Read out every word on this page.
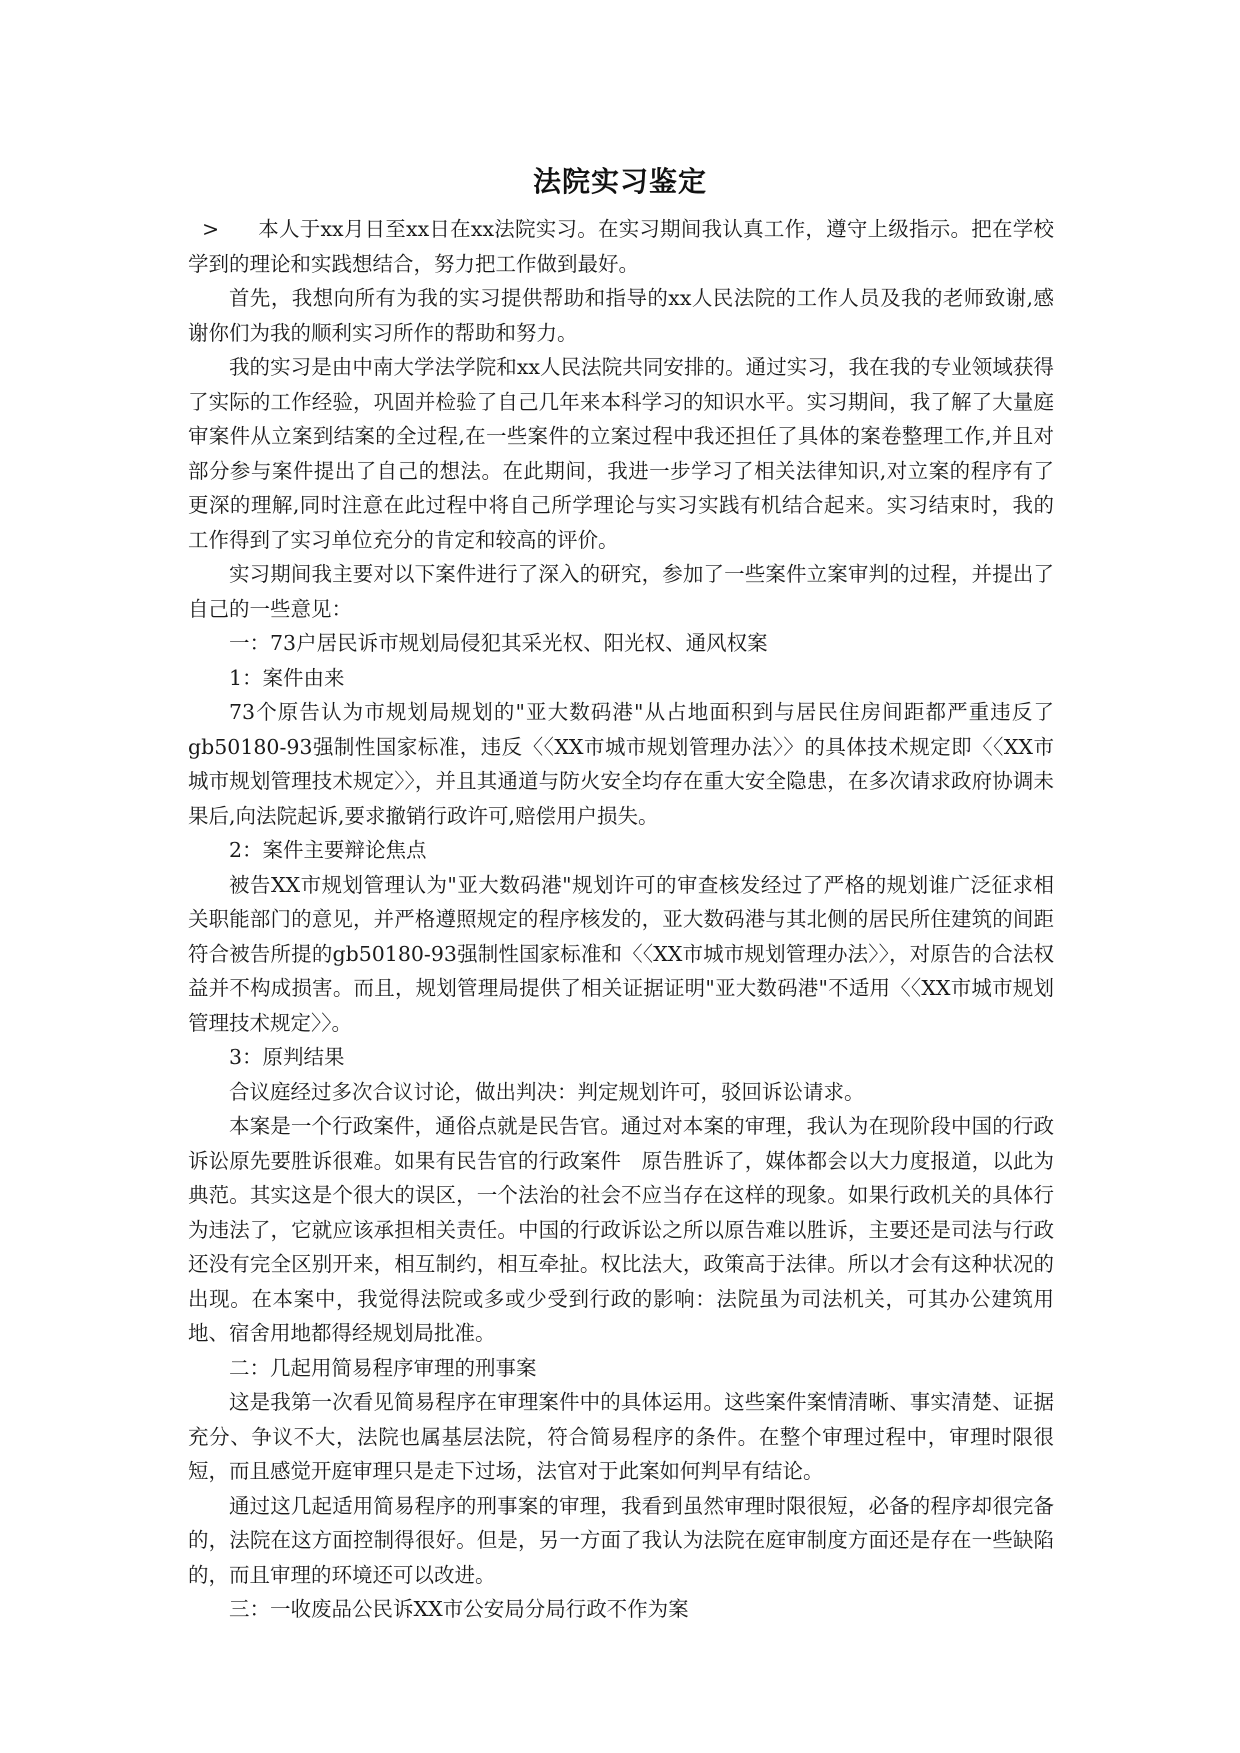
法院实习鉴定

> 本人于xx月日至xx日在xx法院实习。在实习期间我认真工作，遵守上级指示。把在学校学到的理论和实践想结合，努力把工作做到最好。

首先，我想向所有为我的实习提供帮助和指导的xx人民法院的工作人员及我的老师致谢,感谢你们为我的顺利实习所作的帮助和努力。

我的实习是由中南大学法学院和xx人民法院共同安排的。通过实习，我在我的专业领域获得了实际的工作经验，巩固并检验了自己几年来本科学习的知识水平。实习期间，我了解了大量庭审案件从立案到结案的全过程,在一些案件的立案过程中我还担任了具体的案卷整理工作,并且对部分参与案件提出了自己的想法。在此期间，我进一步学习了相关法律知识,对立案的程序有了更深的理解,同时注意在此过程中将自己所学理论与实习实践有机结合起来。实习结束时，我的工作得到了实习单位充分的肯定和较高的评价。

实习期间我主要对以下案件进行了深入的研究，参加了一些案件立案审判的过程，并提出了自己的一些意见：

一：73户居民诉市规划局侵犯其采光权、阳光权、通风权案

1：案件由来

73个原告认为市规划局规划的"亚大数码港"从占地面积到与居民住房间距都严重违反了gb50180-93强制性国家标准，违反〈〈XX市城市规划管理办法〉〉的具体技术规定即〈〈XX市城市规划管理技术规定〉〉，并且其通道与防火安全均存在重大安全隐患，在多次请求政府协调未果后,向法院起诉,要求撤销行政许可,赔偿用户损失。

2：案件主要辩论焦点

被告XX市规划管理认为"亚大数码港"规划许可的审查核发经过了严格的规划谁广泛征求相关职能部门的意见，并严格遵照规定的程序核发的，亚大数码港与其北侧的居民所住建筑的间距符合被告所提的gb50180-93强制性国家标准和〈〈XX市城市规划管理办法〉〉，对原告的合法权益并不构成损害。而且，规划管理局提供了相关证据证明"亚大数码港"不适用〈〈XX市城市规划管理技术规定〉〉。

3：原判结果

合议庭经过多次合议讨论，做出判决：判定规划许可，驳回诉讼请求。

本案是一个行政案件，通俗点就是民告官。通过对本案的审理，我认为在现阶段中国的行政诉讼原先要胜诉很难。如果有民告官的行政案件　原告胜诉了，媒体都会以大力度报道，以此为典范。其实这是个很大的误区，一个法治的社会不应当存在这样的现象。如果行政机关的具体行为违法了，它就应该承担相关责任。中国的行政诉讼之所以原告难以胜诉，主要还是司法与行政还没有完全区别开来，相互制约，相互牵扯。权比法大，政策高于法律。所以才会有这种状况的出现。在本案中，我觉得法院或多或少受到行政的影响：法院虽为司法机关，可其办公建筑用地、宿舍用地都得经规划局批准。

二：几起用简易程序审理的刑事案

这是我第一次看见简易程序在审理案件中的具体运用。这些案件案情清晰、事实清楚、证据充分、争议不大，法院也属基层法院，符合简易程序的条件。在整个审理过程中，审理时限很短，而且感觉开庭审理只是走下过场，法官对于此案如何判早有结论。

通过这几起适用简易程序的刑事案的审理，我看到虽然审理时限很短，必备的程序却很完备的，法院在这方面控制得很好。但是，另一方面了我认为法院在庭审制度方面还是存在一些缺陷的，而且审理的环境还可以改进。

三：一收废品公民诉XX市公安局分局行政不作为案
